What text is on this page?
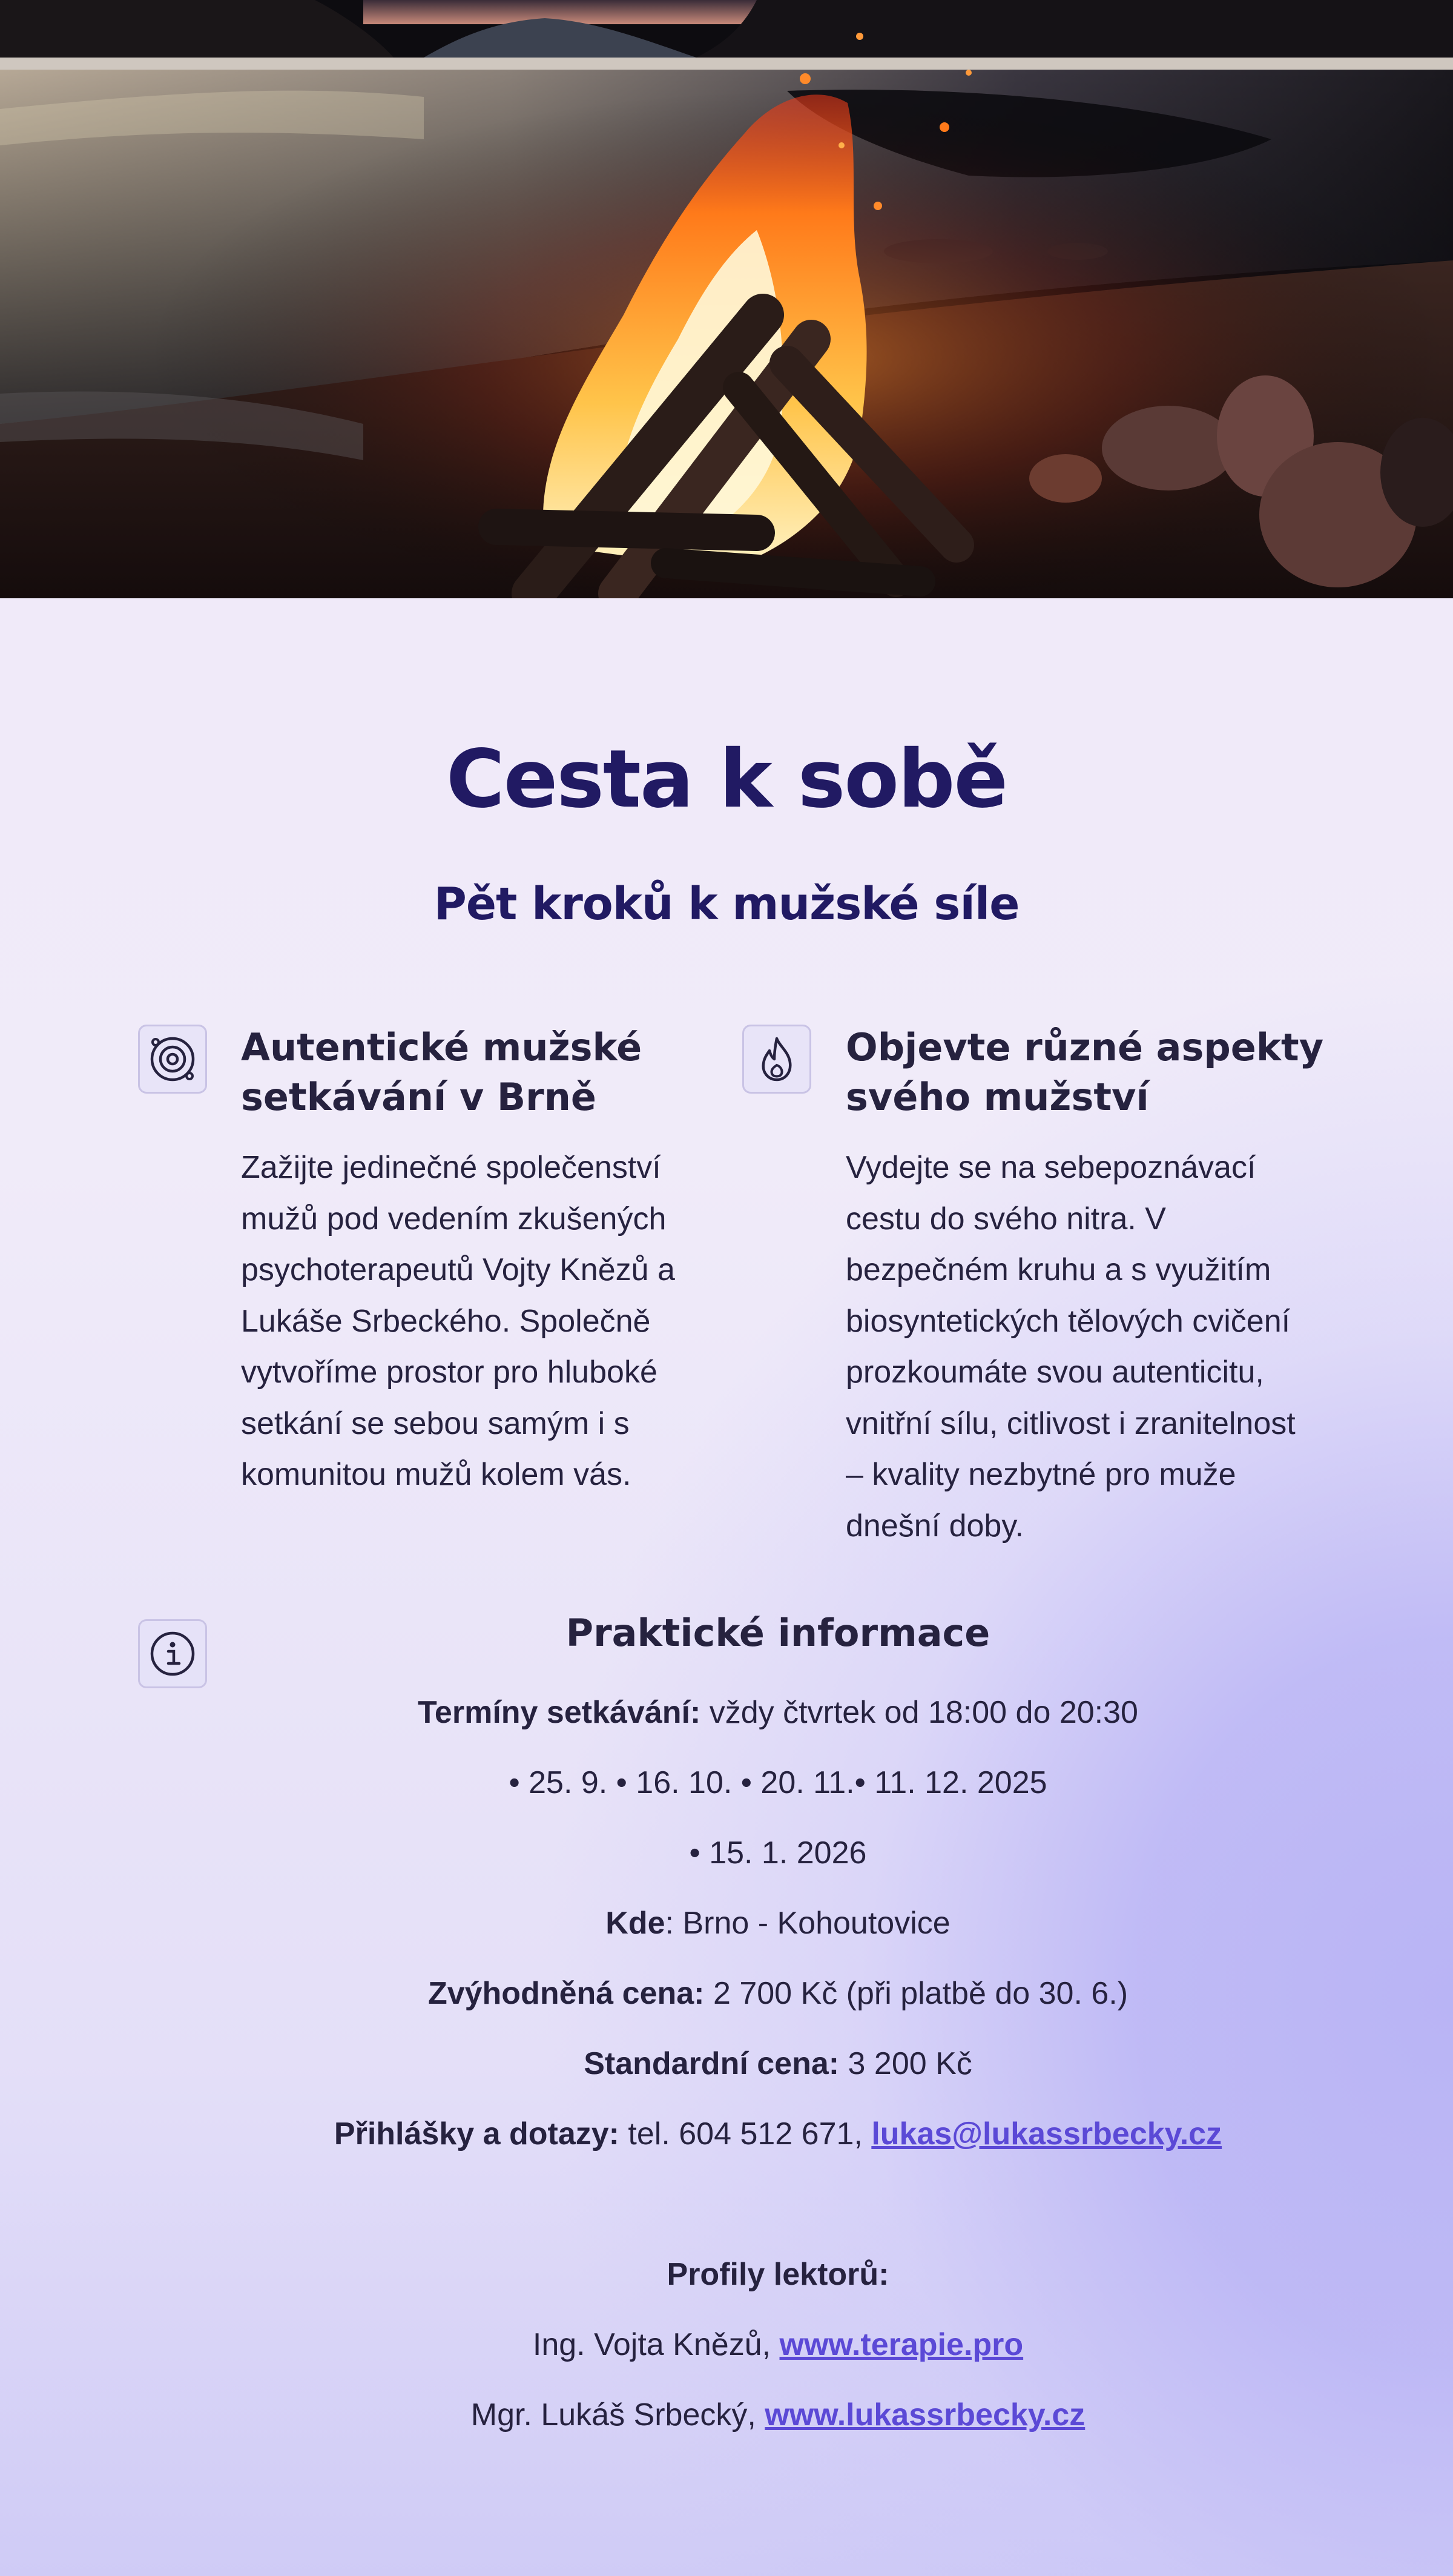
Cesta k sobě
Pět kroků k mužské síle
Autentické mužské
setkávání v Brně
Zažijte jedinečné společenství
mužů pod vedením zkušených
psychoterapeutů Vojty Knězů a
Lukáše Srbeckého. Společně
vytvoříme prostor pro hluboké
setkání se sebou samým i s
komunitou mužů kolem vás.
Objevte různé aspekty
svého mužství
Vydejte se na sebepoznávací
cestu do svého nitra. V
bezpečném kruhu a s využitím
biosyntetických tělových cvičení
prozkoumáte svou autenticitu,
vnitřní sílu, citlivost i zranitelnost
– kvality nezbytné pro muže
dnešní doby.
Praktické informace

Termíny setkávání: vždy čtvrtek od 18:00 do 20:30

• 25. 9. • 16. 10. • 20. 11.• 11. 12. 2025

• 15. 1. 2026

Kde: Brno - Kohoutovice

Zvýhodněná cena: 2 700 Kč (při platbě do 30. 6.)

Standardní cena: 3 200 Kč

Přihlášky a dotazy: tel. 604 512 671, lukas@lukassrbecky.cz

Profily lektorů:

Ing. Vojta Knězů, www.terapie.pro

Mgr. Lukáš Srbecký, www.lukassrbecky.cz
